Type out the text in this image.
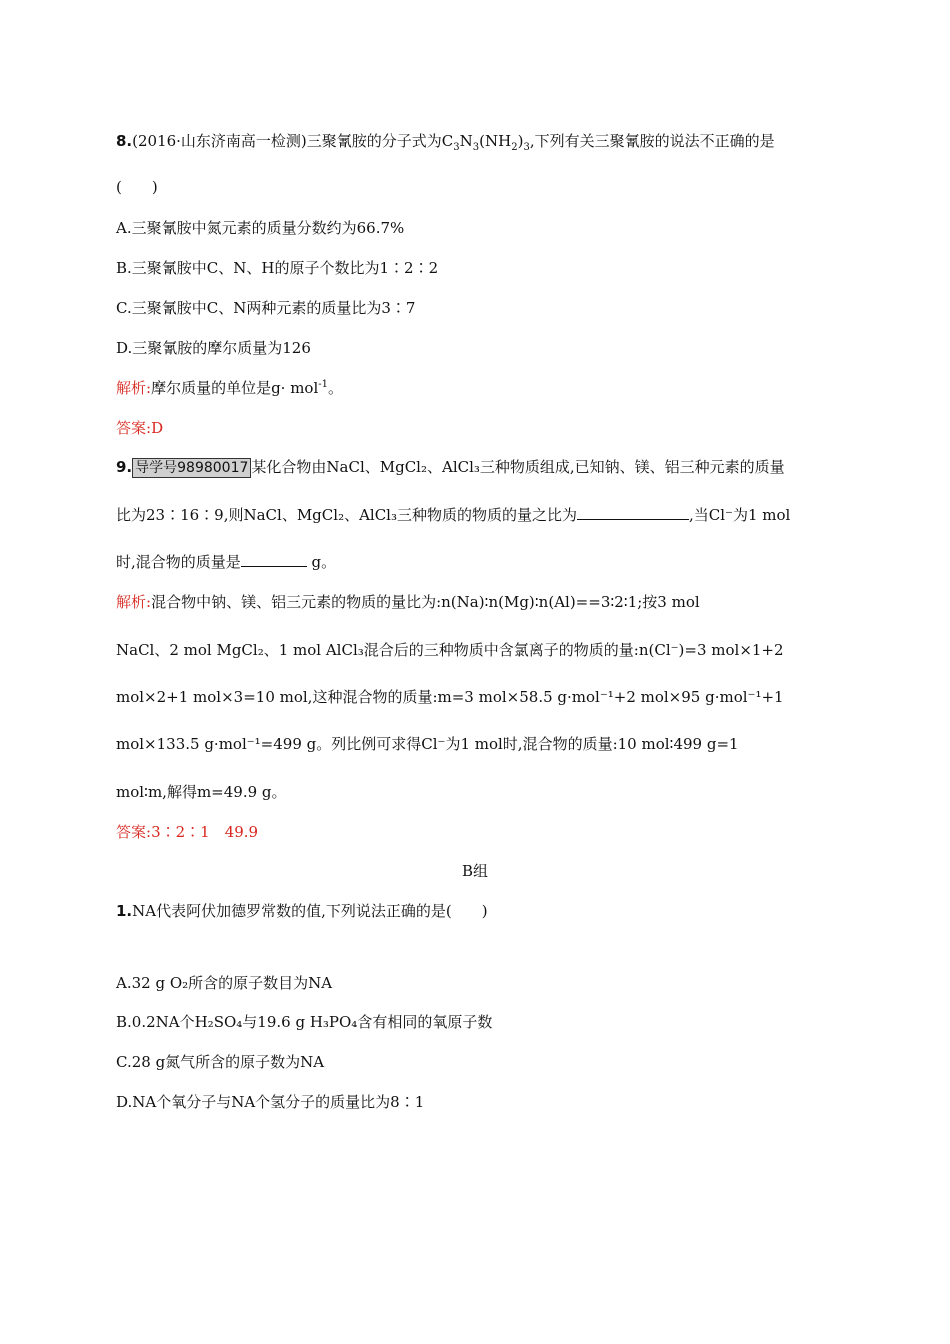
8.(2016·山东济南高一检测)三聚氰胺的分子式为$C_3N_3(NH_2)_3$,下列有关三聚氰胺的说法不正确的是
(　　)
A.三聚氰胺中氮元素的质量分数约为66.7%
B.三聚氰胺中C、N、H的原子个数比为1∶2∶2
C.三聚氰胺中C、N两种元素的质量比为3∶7
D.三聚氰胺的摩尔质量为126
解析:摩尔质量的单位是g· mol$^{-1}$。
答案:D
9. 导学号98980017 某化合物由NaCl、MgCl₂、AlCl₃三种物质组成,已知钠、镁、铝三种元素的质量
比为23∶16∶9,则NaCl、MgCl₂、AlCl₃三种物质的物质的量之比为	,当Cl⁻为1 mol
时,混合物的质量是	g。
解析:混合物中钠、镁、铝三元素的物质的量比为:n(Na)∶n(Mg)∶n(Al)==3∶2∶1;按3 mol
NaCl、2 mol MgCl₂、1 mol AlCl₃混合后的三种物质中含氯离子的物质的量:n(Cl⁻)=3 mol×1+2
mol×2+1 mol×3=10 mol,这种混合物的质量:m=3 mol×58.5 g·mol⁻¹+2 mol×95 g·mol⁻¹+1
mol×133.5 g·mol⁻¹=499 g。列比例可求得Cl⁻为1 mol时,混合物的质量:10 mol∶499 g=1
mol∶m,解得m=49.9 g。
答案:3∶2∶1　49.9
B组
1.NA代表阿伏加德罗常数的值,下列说法正确的是(　　)
A.32 g O₂所含的原子数目为NA
B.0.2NA个H₂SO₄与19.6 g H₃PO₄含有相同的氧原子数
C.28 g氮气所含的原子数为NA
D.NA个氧分子与NA个氢分子的质量比为8∶1
